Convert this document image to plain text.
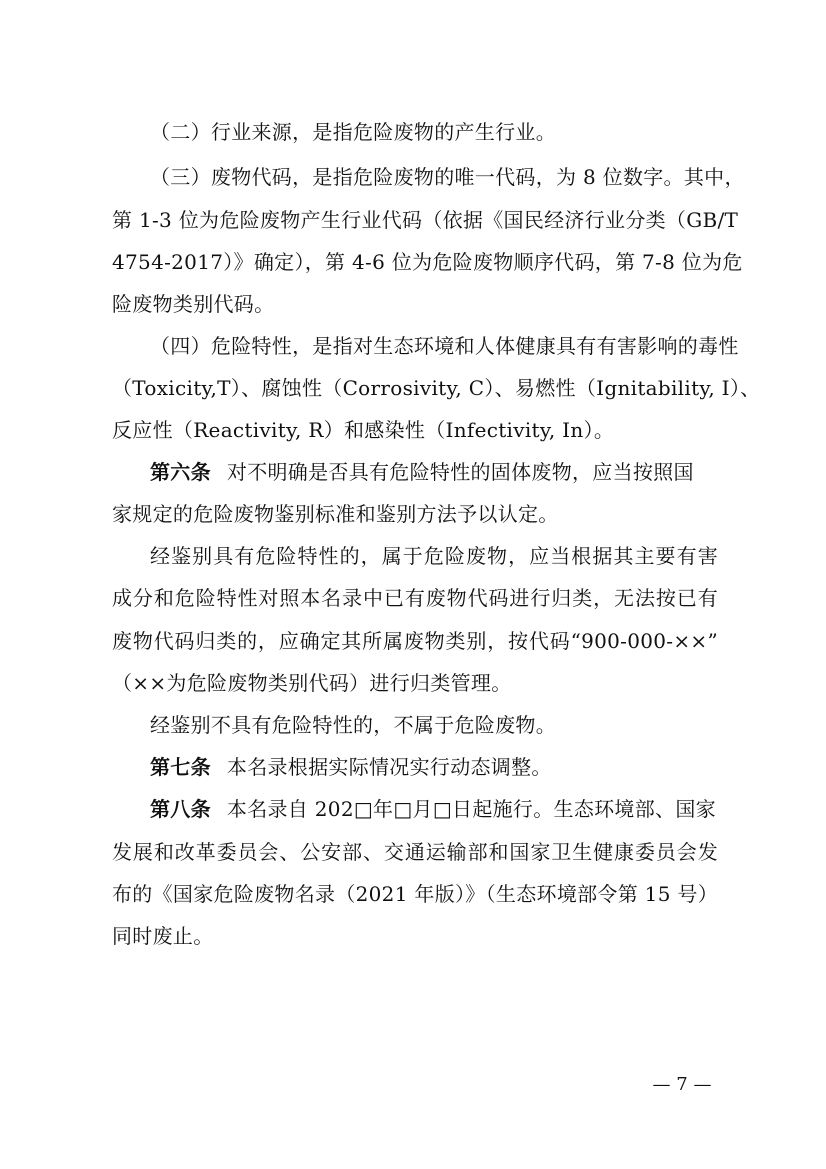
（二）行业来源，是指危险废物的产生行业。
（三）废物代码，是指危险废物的唯一代码，为 8 位数字。其中，
第 1-3 位为危险废物产生行业代码（依据《国民经济行业分类（GB/T
4754-2017）》确定），第 4-6 位为危险废物顺序代码，第 7-8 位为危
险废物类别代码。
（四）危险特性，是指对生态环境和人体健康具有有害影响的毒性
（Toxicity,T）、腐蚀性（Corrosivity, C）、易燃性（Ignitability, I）、
反应性（Reactivity, R）和感染性（Infectivity, In）。
第六条 对不明确是否具有危险特性的固体废物，应当按照国
家规定的危险废物鉴别标准和鉴别方法予以认定。
经鉴别具有危险特性的，属于危险废物，应当根据其主要有害
成分和危险特性对照本名录中已有废物代码进行归类，无法按已有
废物代码归类的，应确定其所属废物类别，按代码“900-000-××”
（××为危险废物类别代码）进行归类管理。
经鉴别不具有危险特性的，不属于危险废物。
第七条 本名录根据实际情况实行动态调整。
第八条 本名录自 202□年□月□日起施行。生态环境部、国家
发展和改革委员会、公安部、交通运输部和国家卫生健康委员会发
布的《国家危险废物名录（2021 年版）》（生态环境部令第 15 号）
同时废止。
— 7 —
